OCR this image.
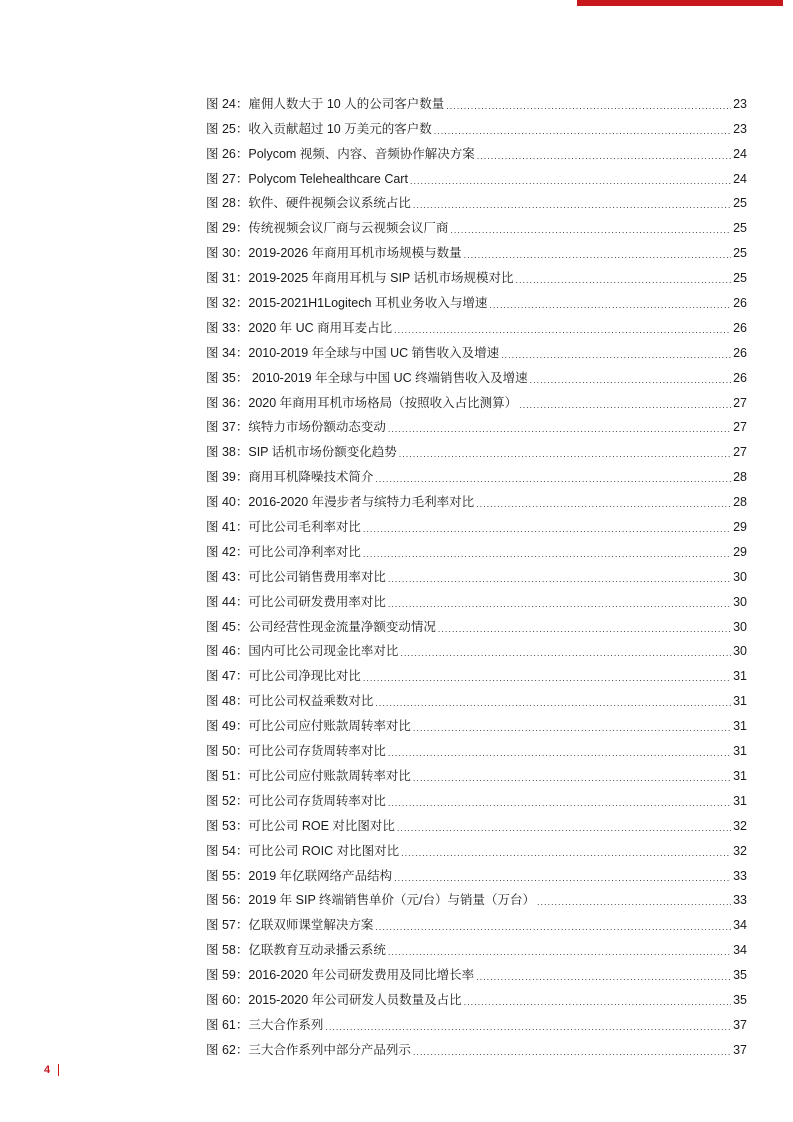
图 24：雇佣人数大于 10 人的公司客户数量 .....	23
图 25：收入贡献超过 10 万美元的客户数 .....	23
图 26：Polycom 视频、内容、音频协作解决方案 .....	24
图 27：Polycom Telehealthcare Cart .....	24
图 28：软件、硬件视频会议系统占比 .....	25
图 29：传统视频会议厂商与云视频会议厂商 .....	25
图 30：2019-2026 年商用耳机市场规模与数量 .....	25
图 31：2019-2025 年商用耳机与 SIP 话机市场规模对比 .....	25
图 32：2015-2021H1Logitech 耳机业务收入与增速 .....	26
图 33：2020 年 UC 商用耳麦占比 .....	26
图 34：2010-2019 年全球与中国 UC 销售收入及增速 .....	26
图 35： 2010-2019 年全球与中国 UC 终端销售收入及增速 .....	26
图 36：2020 年商用耳机市场格局（按照收入占比测算） .....	27
图 37：缤特力市场份额动态变动 .....	27
图 38：SIP 话机市场份额变化趋势 .....	27
图 39：商用耳机降噪技术简介 .....	28
图 40：2016-2020 年漫步者与缤特力毛利率对比 .....	28
图 41：可比公司毛利率对比 .....	29
图 42：可比公司净利率对比 .....	29
图 43：可比公司销售费用率对比 .....	30
图 44：可比公司研发费用率对比 .....	30
图 45：公司经营性现金流量净额变动情况 .....	30
图 46：国内可比公司现金比率对比 .....	30
图 47：可比公司净现比对比 .....	31
图 48：可比公司权益乘数对比 .....	31
图 49：可比公司应付账款周转率对比 .....	31
图 50：可比公司存货周转率对比 .....	31
图 51：可比公司应付账款周转率对比 .....	31
图 52：可比公司存货周转率对比 .....	31
图 53：可比公司 ROE 对比图对比 .....	32
图 54：可比公司 ROIC 对比图对比 .....	32
图 55：2019 年亿联网络产品结构 .....	33
图 56：2019 年 SIP 终端销售单价（元/台）与销量（万台） .....	33
图 57：亿联双师课堂解决方案 .....	34
图 58：亿联教育互动录播云系统 .....	34
图 59：2016-2020 年公司研发费用及同比增长率 .....	35
图 60：2015-2020 年公司研发人员数量及占比 .....	35
图 61：三大合作系列 .....	37
图 62：三大合作系列中部分产品列示 .....	37
4
